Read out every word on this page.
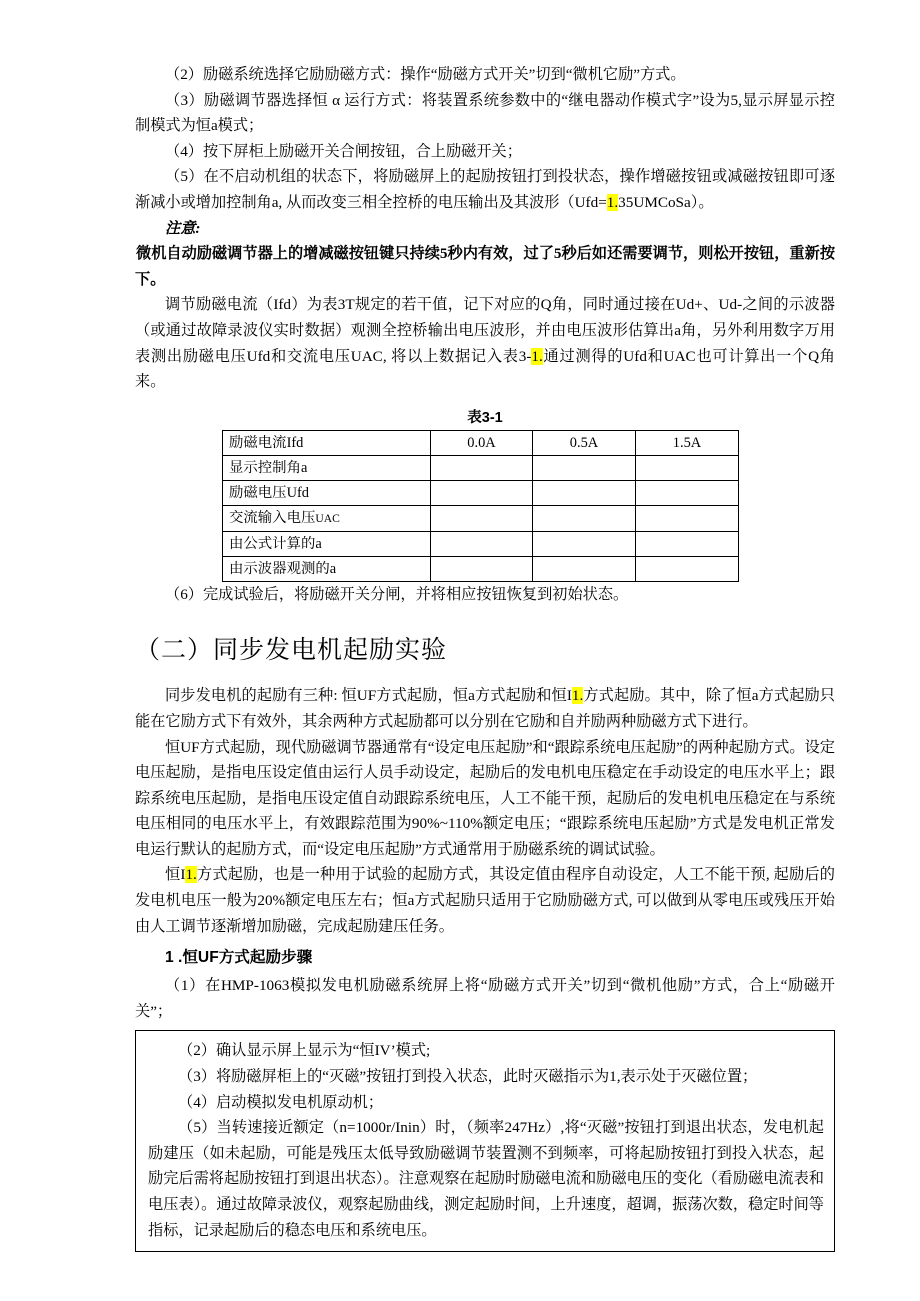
（2）励磁系统选择它励励磁方式：操作“励磁方式开关”切到“微机它励”方式。

（3）励磁调节器选择恒 α 运行方式：将装置系统参数中的“继电器动作模式字”设为5,显示屏显示控制模式为恒a模式；

（4）按下屏柜上励磁开关合闸按钮，合上励磁开关；

（5）在不启动机组的状态下，将励磁屏上的起励按钮打到投状态，操作增磁按钮或减磁按钮即可逐渐减小或增加控制角a, 从而改变三相全控桥的电压输出及其波形（Ufd=1.35UMCoSa）。

注意:

微机自动励磁调节器上的增减磁按钮键只持续5秒内有效，过了5秒后如还需要调节，则松开按钮，重新按下。

调节励磁电流（Ifd）为表3T规定的若干值，记下对应的Q角，同时通过接在Ud+、Ud-之间的示波器（或通过故障录波仪实时数据）观测全控桥输出电压波形，并由电压波形估算出a角，另外利用数字万用表测出励磁电压Ufd和交流电压UAC, 将以上数据记入表3-1.通过测得的Ufd和UAC也可计算出一个Q角来。

表3-1
励磁电流Ifd	0.0A	0.5A	1.5A
显示控制角a			
励磁电压Ufd			
交流输入电压UAC			
由公式计算的a			
由示波器观测的a			

（6）完成试验后，将励磁开关分闸，并将相应按钮恢复到初始状态。

（二）同步发电机起励实验

同步发电机的起励有三种: 恒UF方式起励，恒a方式起励和恒I1.方式起励。其中，除了恒a方式起励只能在它励方式下有效外，其余两种方式起励都可以分别在它励和自并励两种励磁方式下进行。

恒UF方式起励，现代励磁调节器通常有“设定电压起励”和“跟踪系统电压起励”的两种起励方式。设定电压起励，是指电压设定值由运行人员手动设定，起励后的发电机电压稳定在手动设定的电压水平上；跟踪系统电压起励，是指电压设定值自动跟踪系统电压，人工不能干预，起励后的发电机电压稳定在与系统电压相同的电压水平上，有效跟踪范围为90%~110%额定电压；“跟踪系统电压起励”方式是发电机正常发电运行默认的起励方式，而“设定电压起励”方式通常用于励磁系统的调试试验。

恒I1.方式起励，也是一种用于试验的起励方式，其设定值由程序自动设定，人工不能干预, 起励后的发电机电压一般为20%额定电压左右；恒a方式起励只适用于它励励磁方式, 可以做到从零电压或残压开始由人工调节逐渐增加励磁，完成起励建压任务。

1 .恒UF方式起励步骤

（1）在HMP-1063模拟发电机励磁系统屏上将“励磁方式开关”切到“微机他励”方式，合上“励磁开关”；

（2）确认显示屏上显示为“恒IV’模式;

（3）将励磁屏柜上的“灭磁”按钮打到投入状态，此时灭磁指示为1,表示处于灭磁位置；

（4）启动模拟发电机原动机；

（5）当转速接近额定（n=1000r/Inin）时，（频率247Hz）,将“灭磁”按钮打到退出状态，发电机起励建压（如未起励，可能是残压太低导致励磁调节装置测不到频率，可将起励按钮打到投入状态，起励完后需将起励按钮打到退出状态）。注意观察在起励时励磁电流和励磁电压的变化（看励磁电流表和电压表）。通过故障录波仪，观察起励曲线，测定起励时间，上升速度，超调，振荡次数，稳定时间等指标，记录起励后的稳态电压和系统电压。
